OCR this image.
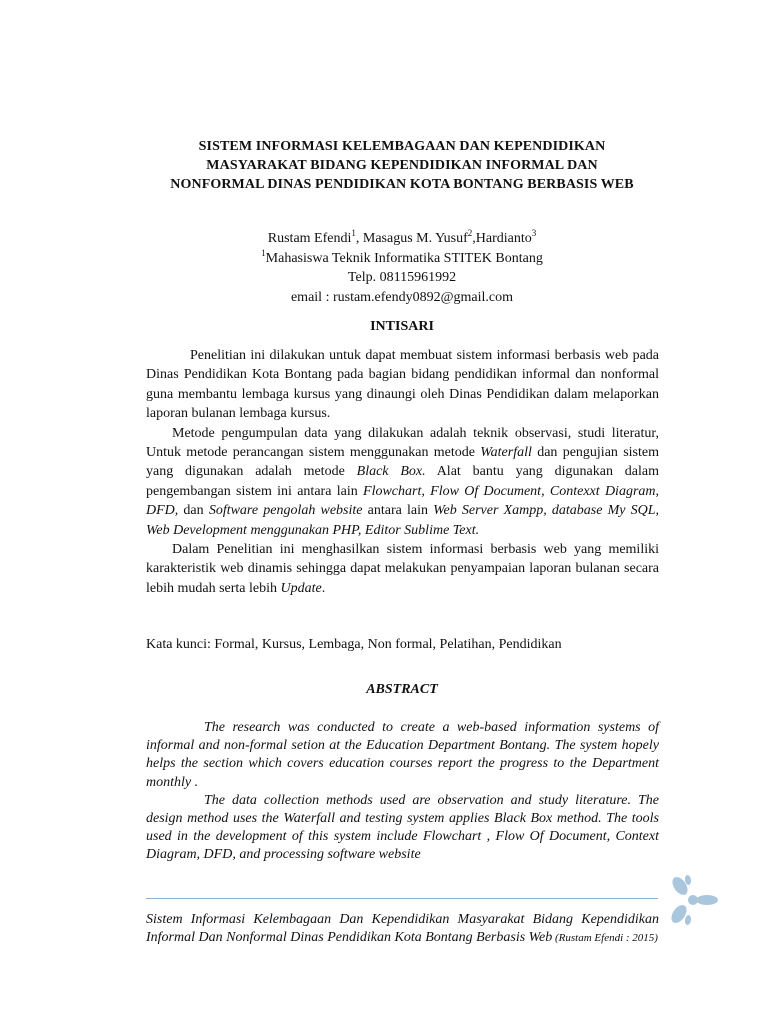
SISTEM INFORMASI KELEMBAGAAN DAN KEPENDIDIKAN
MASYARAKAT BIDANG KEPENDIDIKAN INFORMAL DAN
NONFORMAL DINAS PENDIDIKAN KOTA BONTANG BERBASIS WEB
Rustam Efendi$^1$, Masagus M. Yusuf$^2$,Hardianto$^3$
$^1$Mahasiswa Teknik Informatika STITEK Bontang
Telp. 08115961992
email : rustam.efendy0892@gmail.com
INTISARI

Penelitian ini dilakukan untuk dapat membuat sistem informasi berbasis web pada Dinas Pendidikan Kota Bontang pada bagian bidang pendidikan informal dan nonformal guna membantu lembaga kursus yang dinaungi oleh Dinas Pendidikan dalam melaporkan laporan bulanan lembaga kursus.

Metode pengumpulan data yang dilakukan adalah teknik observasi, studi literatur, Untuk metode perancangan sistem menggunakan metode Waterfall dan pengujian sistem yang digunakan adalah metode Black Box. Alat bantu yang digunakan dalam pengembangan sistem ini antara lain Flowchart, Flow Of Document, Contexxt Diagram, DFD, dan Software pengolah website antara lain Web Server Xampp, database My SQL, Web Development menggunakan PHP, Editor Sublime Text.

Dalam Penelitian ini menghasilkan sistem informasi berbasis web yang memiliki karakteristik web dinamis sehingga dapat melakukan penyampaian laporan bulanan secara lebih mudah serta lebih Update.

Kata kunci: Formal, Kursus, Lembaga, Non formal, Pelatihan, Pendidikan
ABSTRACT

The research was conducted to create a web-based information systems of informal and non-formal setion at the Education Department Bontang. The system hopely helps the section which covers education courses report the progress to the Department monthly .

The data collection methods used are observation and study literature. The design method uses the Waterfall and testing system applies Black Box method. The tools used in the development of this system include Flowchart , Flow Of Document, Context Diagram, DFD, and processing software website

Sistem Informasi Kelembagaan Dan Kependidikan Masyarakat Bidang Kependidikan Informal Dan Nonformal Dinas Pendidikan Kota Bontang Berbasis Web (Rustam Efendi : 2015)
